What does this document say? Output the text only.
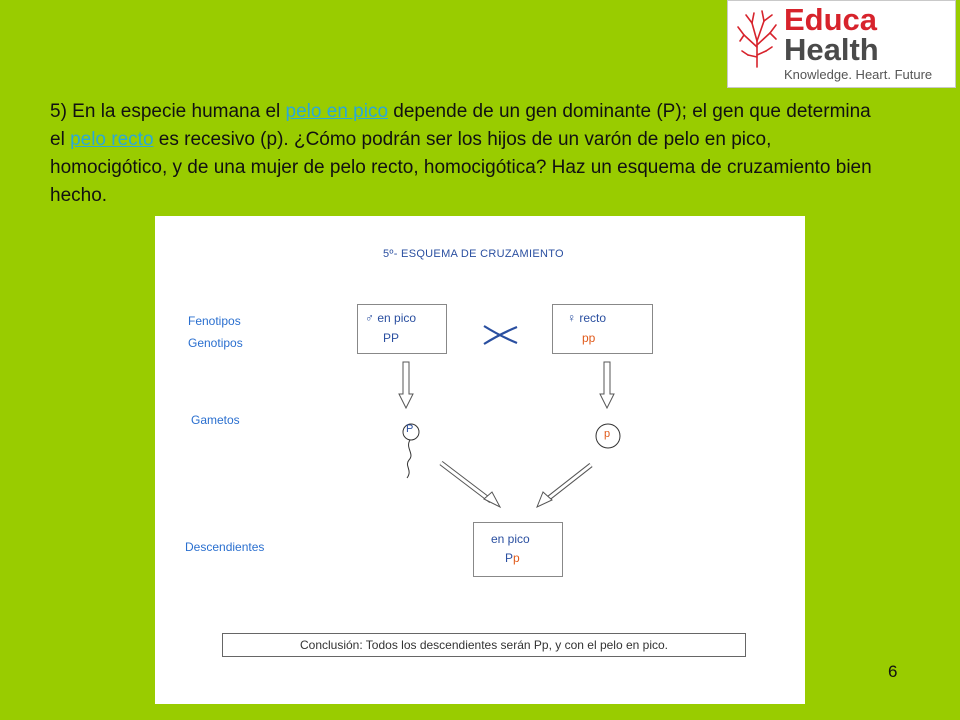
Educa
Health
Knowledge. Heart. Future
5) En la especie humana el pelo en pico depende de un gen dominante (P); el gen que determina el pelo recto es recesivo (p). ¿Cómo podrán ser los hijos de un varón de pelo en pico, homocigótico, y de una mujer de pelo recto, homocigótica? Haz un esquema de cruzamiento bien hecho.
5º- ESQUEMA DE CRUZAMIENTO
Fenotipos
Genotipos
Gametos
Descendientes
♂ en pico
PP
♀ recto
pp
P	p
en pico
Pp
Conclusión: Todos los descendientes serán Pp, y con el pelo en pico.
6
